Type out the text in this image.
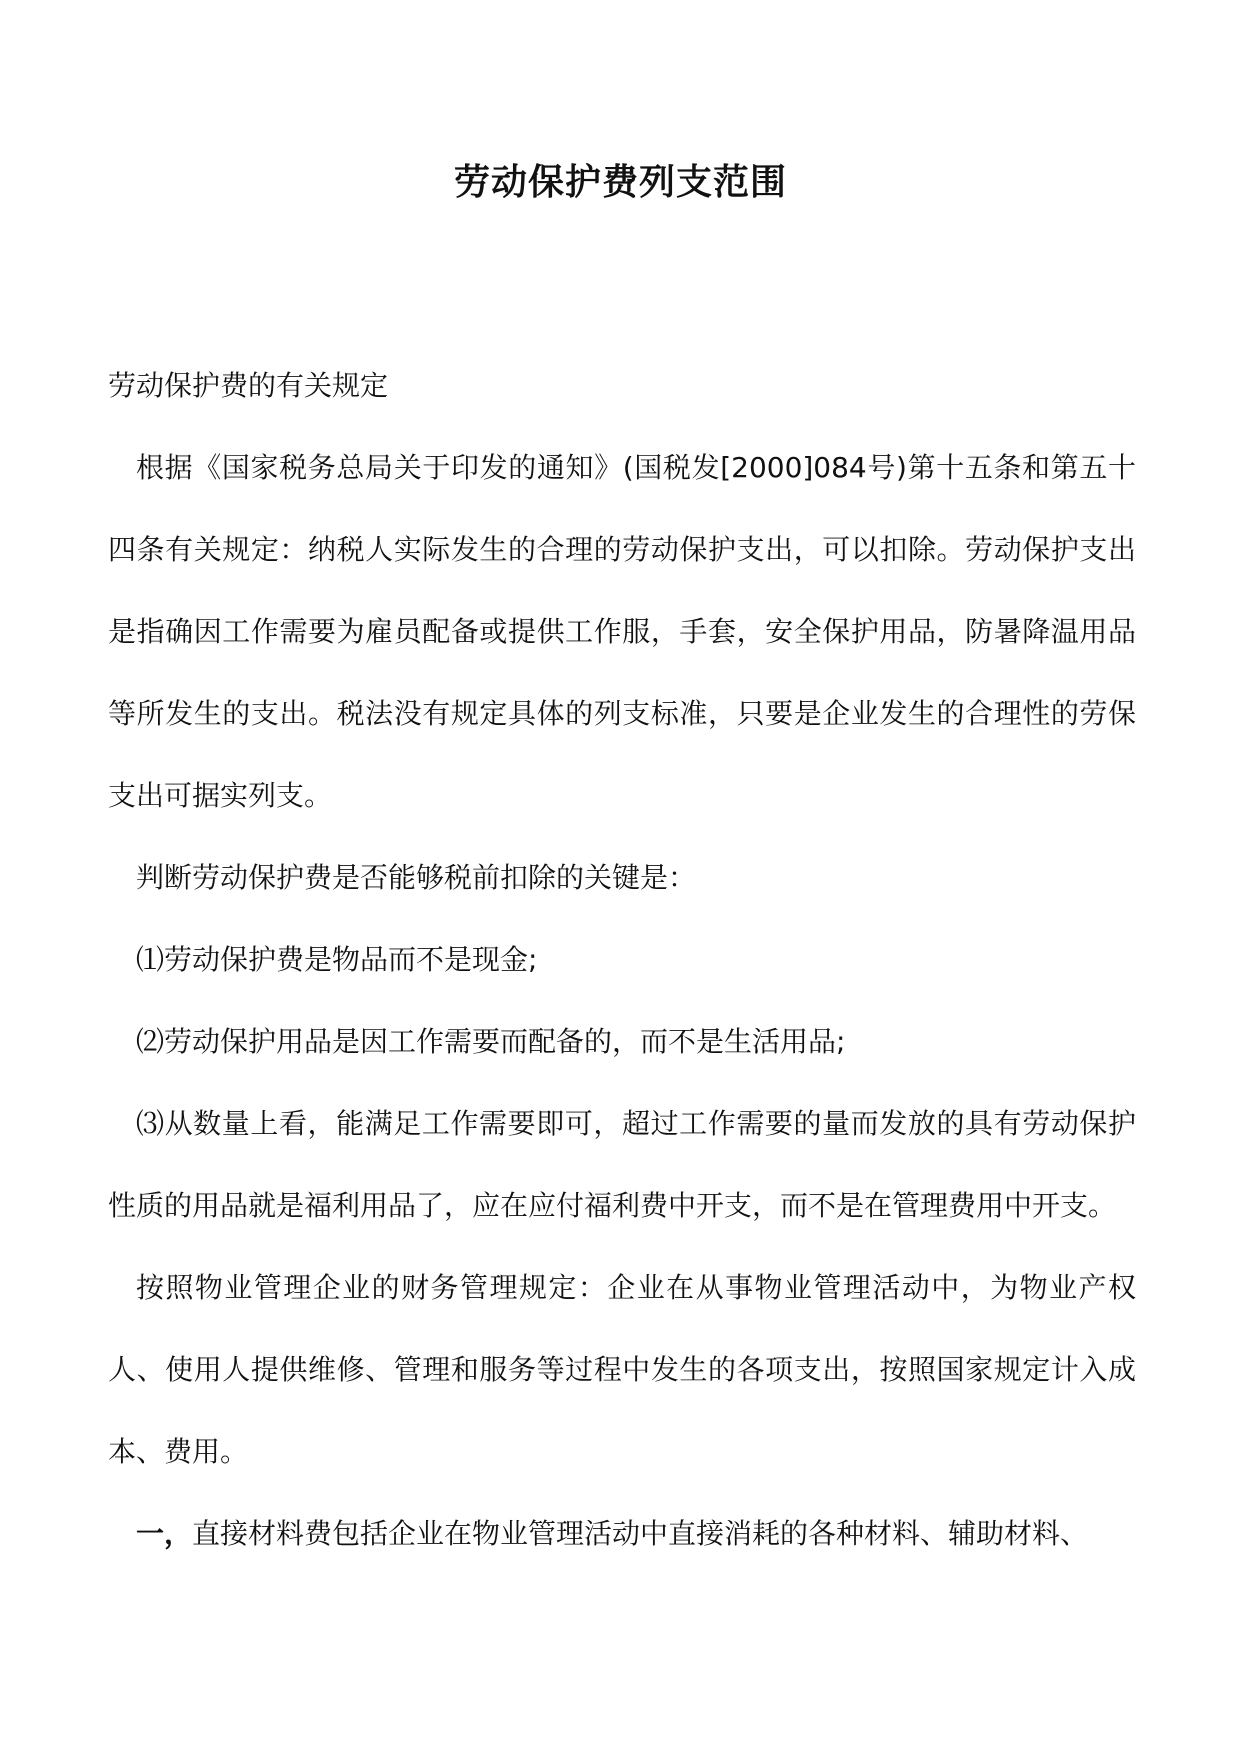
劳动保护费列支范围

劳动保护费的有关规定

根据《国家税务总局关于印发的通知》(国税发[2000]084号)第十五条和第五十四条有关规定：纳税人实际发生的合理的劳动保护支出，可以扣除。劳动保护支出是指确因工作需要为雇员配备或提供工作服，手套，安全保护用品，防暑降温用品等所发生的支出。税法没有规定具体的列支标准，只要是企业发生的合理性的劳保支出可据实列支。

判断劳动保护费是否能够税前扣除的关键是：

⑴劳动保护费是物品而不是现金;

⑵劳动保护用品是因工作需要而配备的，而不是生活用品;

⑶从数量上看，能满足工作需要即可，超过工作需要的量而发放的具有劳动保护性质的用品就是福利用品了，应在应付福利费中开支，而不是在管理费用中开支。

按照物业管理企业的财务管理规定：企业在从事物业管理活动中，为物业产权人、使用人提供维修、管理和服务等过程中发生的各项支出，按照国家规定计入成本、费用。

一，直接材料费包括企业在物业管理活动中直接消耗的各种材料、辅助材料、
